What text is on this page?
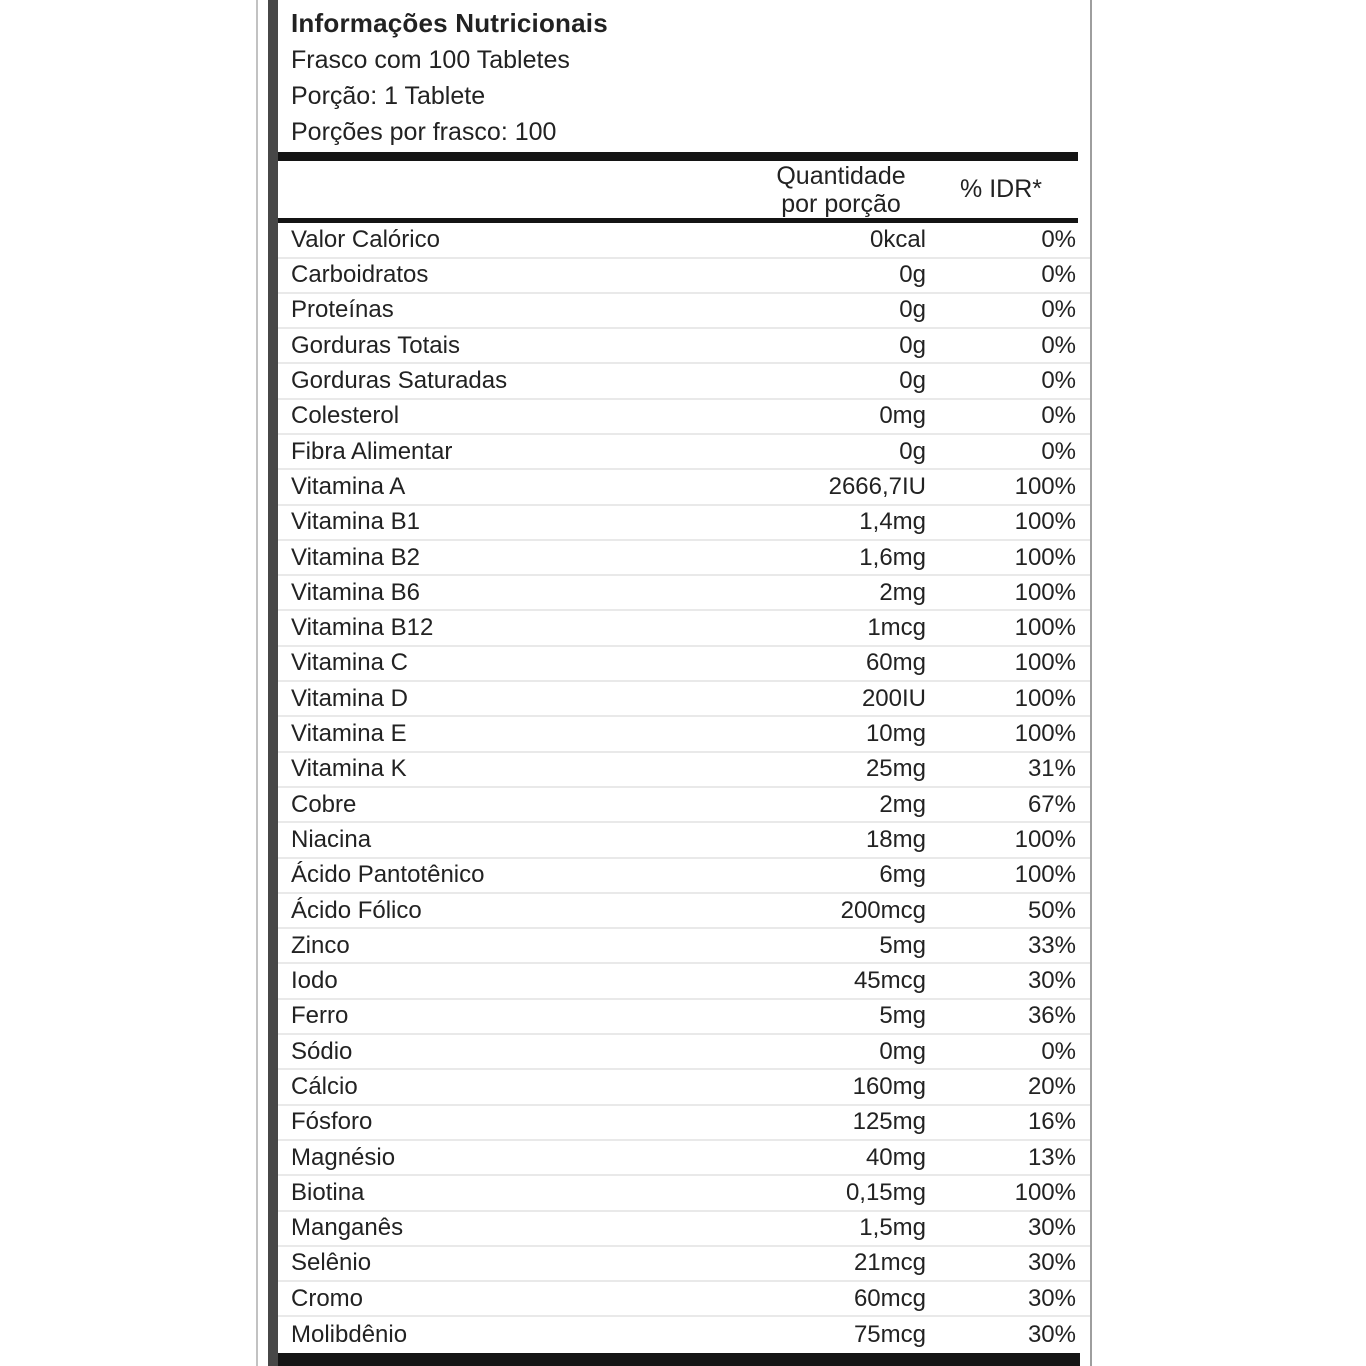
Informações Nutricionais
Frasco com 100 Tabletes
Porção: 1 Tablete
Porções por frasco: 100
Quantidade
por porção
% IDR*
Valor Calórico	0kcal	0%
Carboidratos	0g	0%
Proteínas	0g	0%
Gorduras Totais	0g	0%
Gorduras Saturadas	0g	0%
Colesterol	0mg	0%
Fibra Alimentar	0g	0%
Vitamina A	2666,7IU	100%
Vitamina B1	1,4mg	100%
Vitamina B2	1,6mg	100%
Vitamina B6	2mg	100%
Vitamina B12	1mcg	100%
Vitamina C	60mg	100%
Vitamina D	200IU	100%
Vitamina E	10mg	100%
Vitamina K	25mg	31%
Cobre	2mg	67%
Niacina	18mg	100%
Ácido Pantotênico	6mg	100%
Ácido Fólico	200mcg	50%
Zinco	5mg	33%
Iodo	45mcg	30%
Ferro	5mg	36%
Sódio	0mg	0%
Cálcio	160mg	20%
Fósforo	125mg	16%
Magnésio	40mg	13%
Biotina	0,15mg	100%
Manganês	1,5mg	30%
Selênio	21mcg	30%
Cromo	60mcg	30%
Molibdênio	75mcg	30%
